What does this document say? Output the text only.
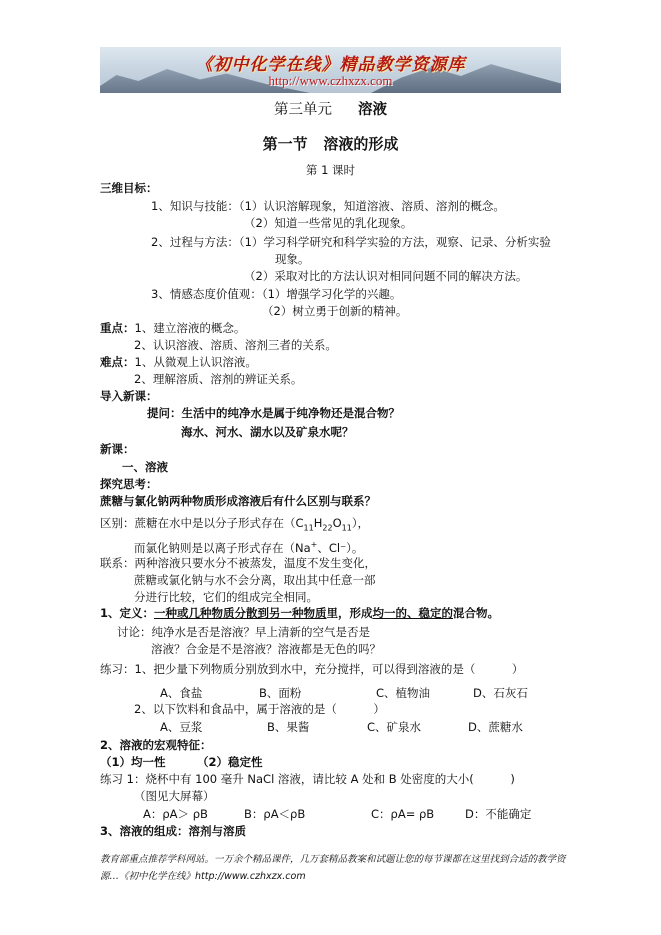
《初中化学在线》精品教学资源库
http://www.czhxzx.com
第三单元 溶液
第一节   溶液的形成
第 1 课时
三维目标：
1、知识与技能：（1）认识溶解现象，知道溶液、溶质、溶剂的概念。
（2）知道一些常见的乳化现象。
2、过程与方法：（1）学习科学研究和科学实验的方法，观察、记录、分析实验
现象。
（2）采取对比的方法认识对相同问题不同的解决方法。
3、情感态度价值观：（1）增强学习化学的兴趣。
（2）树立勇于创新的精神。
重点：1、建立溶液的概念。
2、认识溶液、溶质、溶剂三者的关系。
难点：1、从微观上认识溶液。
2、理解溶质、溶剂的辨证关系。
导入新课：
提问：生活中的纯净水是属于纯净物还是混合物？
海水、河水、湖水以及矿泉水呢？
新课：
一、溶液
探究思考：
蔗糖与氯化钠两种物质形成溶液后有什么区别与联系？
区别：蔗糖在水中是以分子形式存在$(C_{11}H_{22}O_{11})$，
而氯化钠则是以离子形式存在（Na+、Cl⁻）。
联系：两种溶液只要水分不被蒸发，温度不发生变化，
蔗糖或氯化钠与水不会分离，取出其中任意一部
分进行比较，它们的组成完全相同。
1、定义：一种或几种物质分散到另一种物质里，形成均一的、稳定的混合物。
讨论：纯净水是否是溶液？早上清新的空气是否是
溶液？合金是不是溶液？溶液都是无色的吗？
练习：1、把少量下列物质分别放到水中，充分搅拌，可以得到溶液的是（          ）
A、食盐	B、面粉	C、植物油	D、石灰石
2、以下饮料和食品中，属于溶液的是（          ）
A、豆浆	B、果酱	C、矿泉水	D、蔗糖水
2、溶液的宏观特征：
（1）均一性	（2）稳定性
练习 1：烧杯中有 100 毫升 NaCl 溶液，请比较 A 处和 B 处密度的大小(          )
（图见大屏幕）
A：ρA＞ ρB	B：ρA＜ρB	C：ρA= ρB	D：不能确定
3、溶液的组成：溶剂与溶质
教育部重点推荐学科网站。一万余个精品课件，几万套精品教案和试题让您的每节课都在这里找到合适的教学资源…《初中化学在线》http://www.czhxzx.com
